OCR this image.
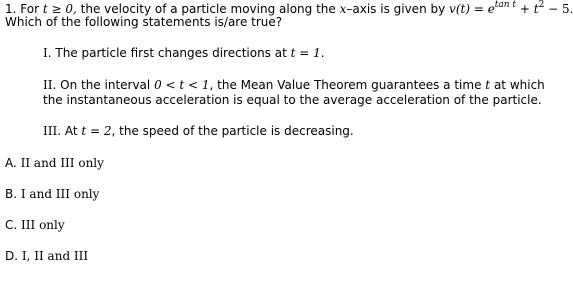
1. For t ≥ 0, the velocity of a particle moving along the x–axis is given by $v(t) = e^{tan t} + t^2 - 5$.
Which of the following statements is/are true?
I. The particle first changes directions at t = 1.
II. On the interval 0 < t < 1, the Mean Value Theorem guarantees a time t at which the instantaneous acceleration is equal to the average acceleration of the particle.
III. At t = 2, the speed of the particle is decreasing.
A. II and III only
B. I and III only
C. III only
D. I, II and III
